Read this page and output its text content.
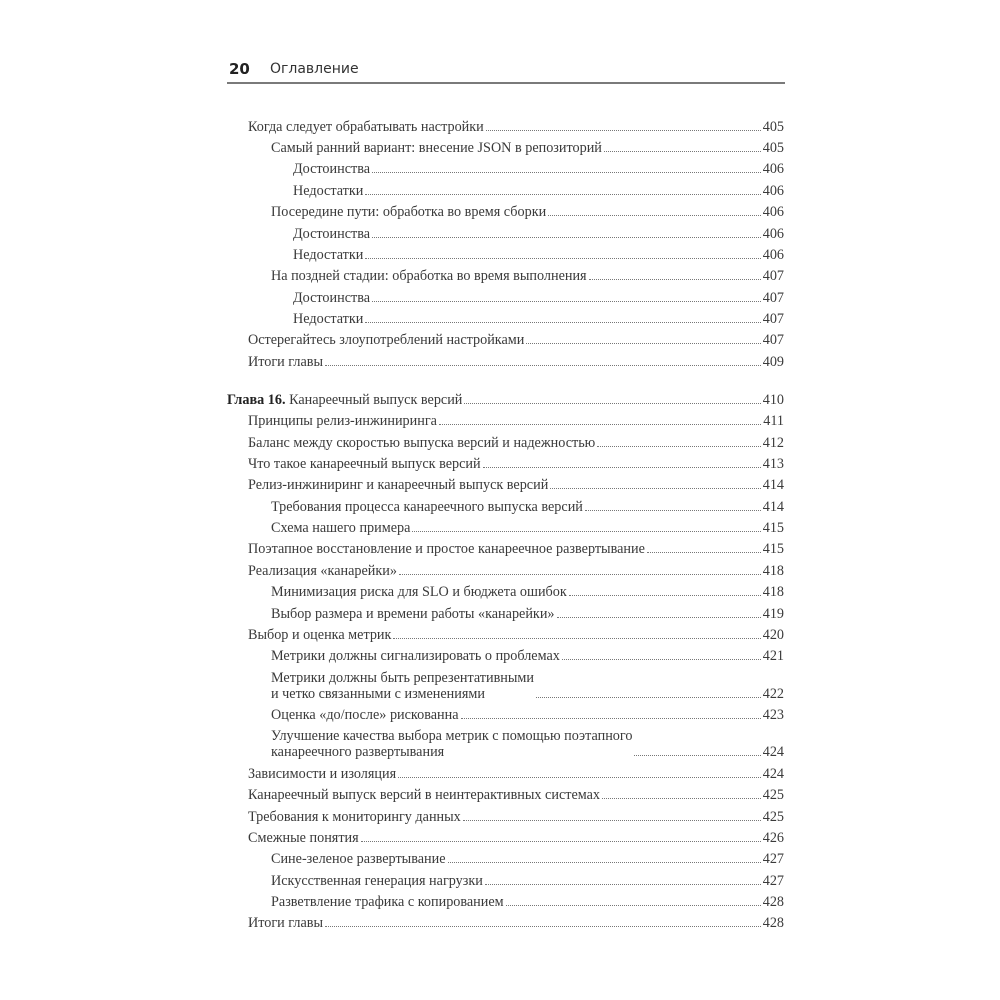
20 Оглавление
Когда следует обрабатывать настройки	405
Самый ранний вариант: внесение JSON в репозиторий	405
Достоинства	406
Недостатки	406
Посередине пути: обработка во время сборки	406
Достоинства	406
Недостатки	406
На поздней стадии: обработка во время выполнения	407
Достоинства	407
Недостатки	407
Остерегайтесь злоупотреблений настройками	407
Итоги главы	409
Глава 16. Канареечный выпуск версий	410
Принципы релиз-инжиниринга	411
Баланс между скоростью выпуска версий и надежностью	412
Что такое канареечный выпуск версий	413
Релиз-инжиниринг и канареечный выпуск версий	414
Требования процесса канареечного выпуска версий	414
Схема нашего примера	415
Поэтапное восстановление и простое канареечное развертывание	415
Реализация «канарейки»	418
Минимизация риска для SLO и бюджета ошибок	418
Выбор размера и времени работы «канарейки»	419
Выбор и оценка метрик	420
Метрики должны сигнализировать о проблемах	421
Метрики должны быть репрезентативными
и четко связанными с изменениями	422
Оценка «до/после» рискованна	423
Улучшение качества выбора метрик с помощью поэтапного
канареечного развертывания	424
Зависимости и изоляция	424
Канареечный выпуск версий в неинтерактивных системах	425
Требования к мониторингу данных	425
Смежные понятия	426
Сине-зеленое развертывание	427
Искусственная генерация нагрузки	427
Разветвление трафика с копированием	428
Итоги главы	428
